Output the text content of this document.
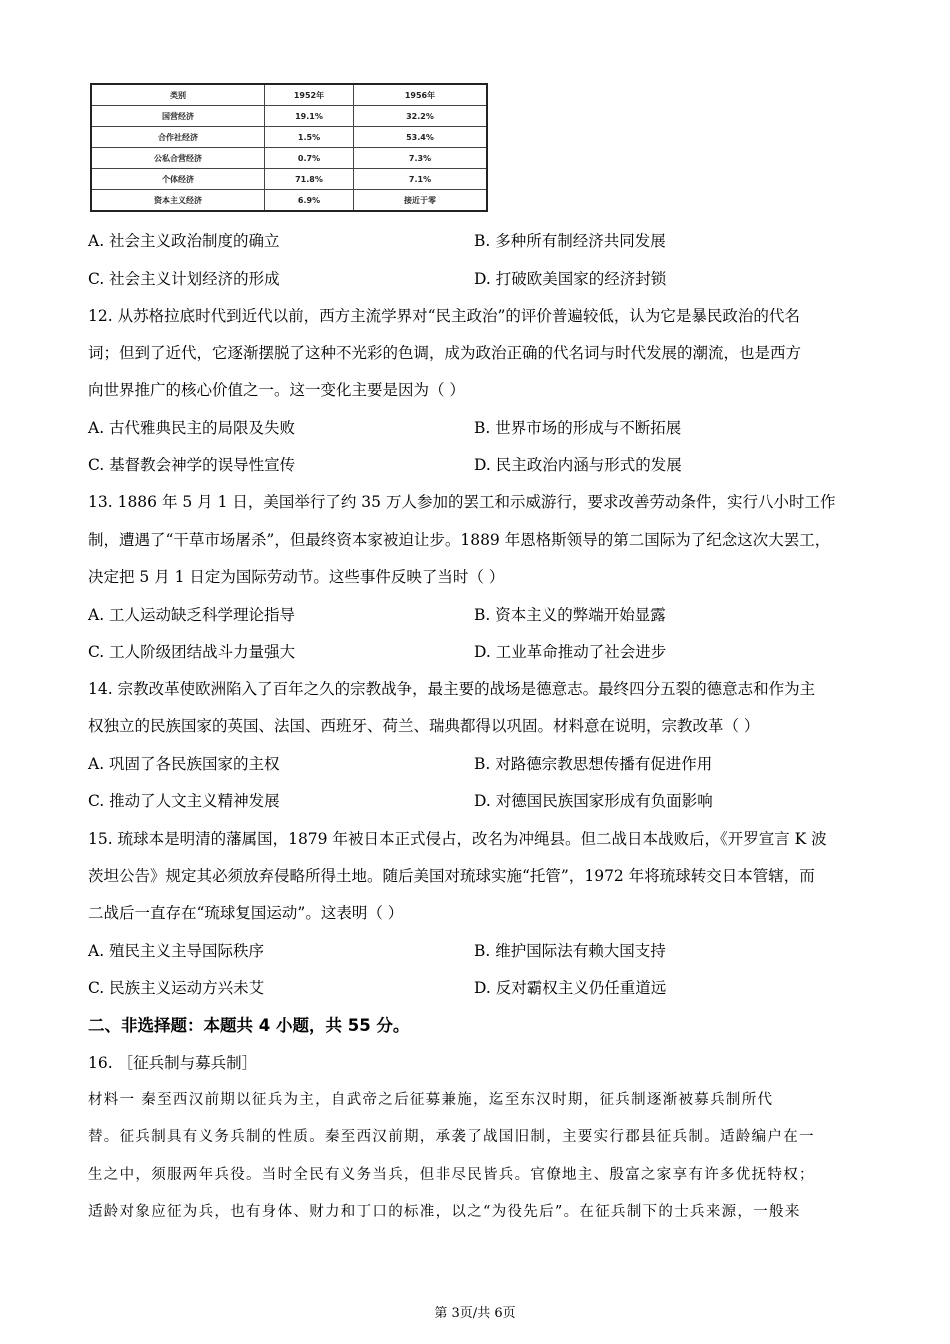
类别	1952年	1956年
国营经济	19.1%	32.2%
合作社经济	1.5%	53.4%
公私合营经济	0.7%	7.3%
个体经济	71.8%	7.1%
资本主义经济	6.9%	接近于零
A. 社会主义政治制度的确立	B. 多种所有制经济共同发展
C. 社会主义计划经济的形成	D. 打破欧美国家的经济封锁
12. 从苏格拉底时代到近代以前，西方主流学界对“民主政治”的评价普遍较低，认为它是暴民政治的代名
词；但到了近代，它逐渐摆脱了这种不光彩的色调，成为政治正确的代名词与时代发展的潮流，也是西方
向世界推广的核心价值之一。这一变化主要是因为（ ）
A. 古代雅典民主的局限及失败	B. 世界市场的形成与不断拓展
C. 基督教会神学的误导性宣传	D. 民主政治内涵与形式的发展
13. 1886 年 5 月 1 日，美国举行了约 35 万人参加的罢工和示威游行，要求改善劳动条件，实行八小时工作
制，遭遇了“干草市场屠杀”，但最终资本家被迫让步。1889 年恩格斯领导的第二国际为了纪念这次大罢工，
决定把 5 月 1 日定为国际劳动节。这些事件反映了当时（ ）
A. 工人运动缺乏科学理论指导	B. 资本主义的弊端开始显露
C. 工人阶级团结战斗力量强大	D. 工业革命推动了社会进步
14. 宗教改革使欧洲陷入了百年之久的宗教战争，最主要的战场是德意志。最终四分五裂的德意志和作为主
权独立的民族国家的英国、法国、西班牙、荷兰、瑞典都得以巩固。材料意在说明，宗教改革（ ）
A. 巩固了各民族国家的主权	B. 对路德宗教思想传播有促进作用
C. 推动了人文主义精神发展	D. 对德国民族国家形成有负面影响
15. 琉球本是明清的藩属国，1879 年被日本正式侵占，改名为冲绳县。但二战日本战败后，《开罗宣言 K 波
茨坦公告》规定其必须放弃侵略所得土地。随后美国对琉球实施“托管”，1972 年将琉球转交日本管辖，而
二战后一直存在“琉球复国运动”。这表明（ ）
A. 殖民主义主导国际秩序	B. 维护国际法有赖大国支持
C. 民族主义运动方兴未艾	D. 反对霸权主义仍任重道远
二、非选择题：本题共 4 小题，共 55 分。
16. ［征兵制与募兵制］
材料一 秦至西汉前期以征兵为主，自武帝之后征募兼施，迄至东汉时期，征兵制逐渐被募兵制所代
替。征兵制具有义务兵制的性质。秦至西汉前期，承袭了战国旧制，主要实行郡县征兵制。适龄编户在一
生之中，须服两年兵役。当时全民有义务当兵，但非尽民皆兵。官僚地主、殷富之家享有许多优抚特权；
适龄对象应征为兵，也有身体、财力和丁口的标准，以之“为役先后”。在征兵制下的士兵来源，一般来
第 3页/共 6页
